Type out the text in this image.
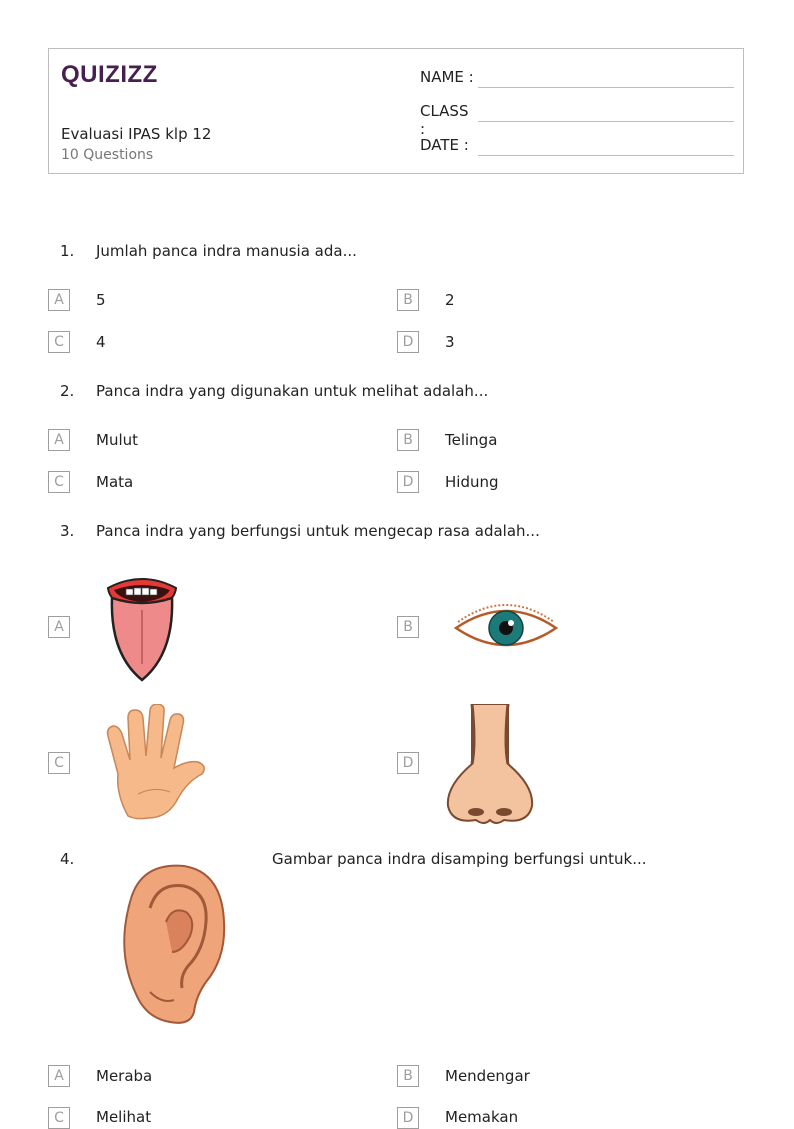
QUIZIZZ
Evaluasi IPAS klp 12
10 Questions
NAME :
CLASS :
DATE :
1. Jumlah panca indra manusia ada...
A	5	B	2
C	4	D	3
2. Panca indra yang digunakan untuk melihat adalah...
A	Mulut	B	Telinga
C	Mata	D	Hidung
3. Panca indra yang berfungsi untuk mengecap rasa adalah...
A	B
C	D
4.	Gambar panca indra disamping berfungsi untuk...
A	Meraba	B	Mendengar
C	Melihat	D	Memakan
